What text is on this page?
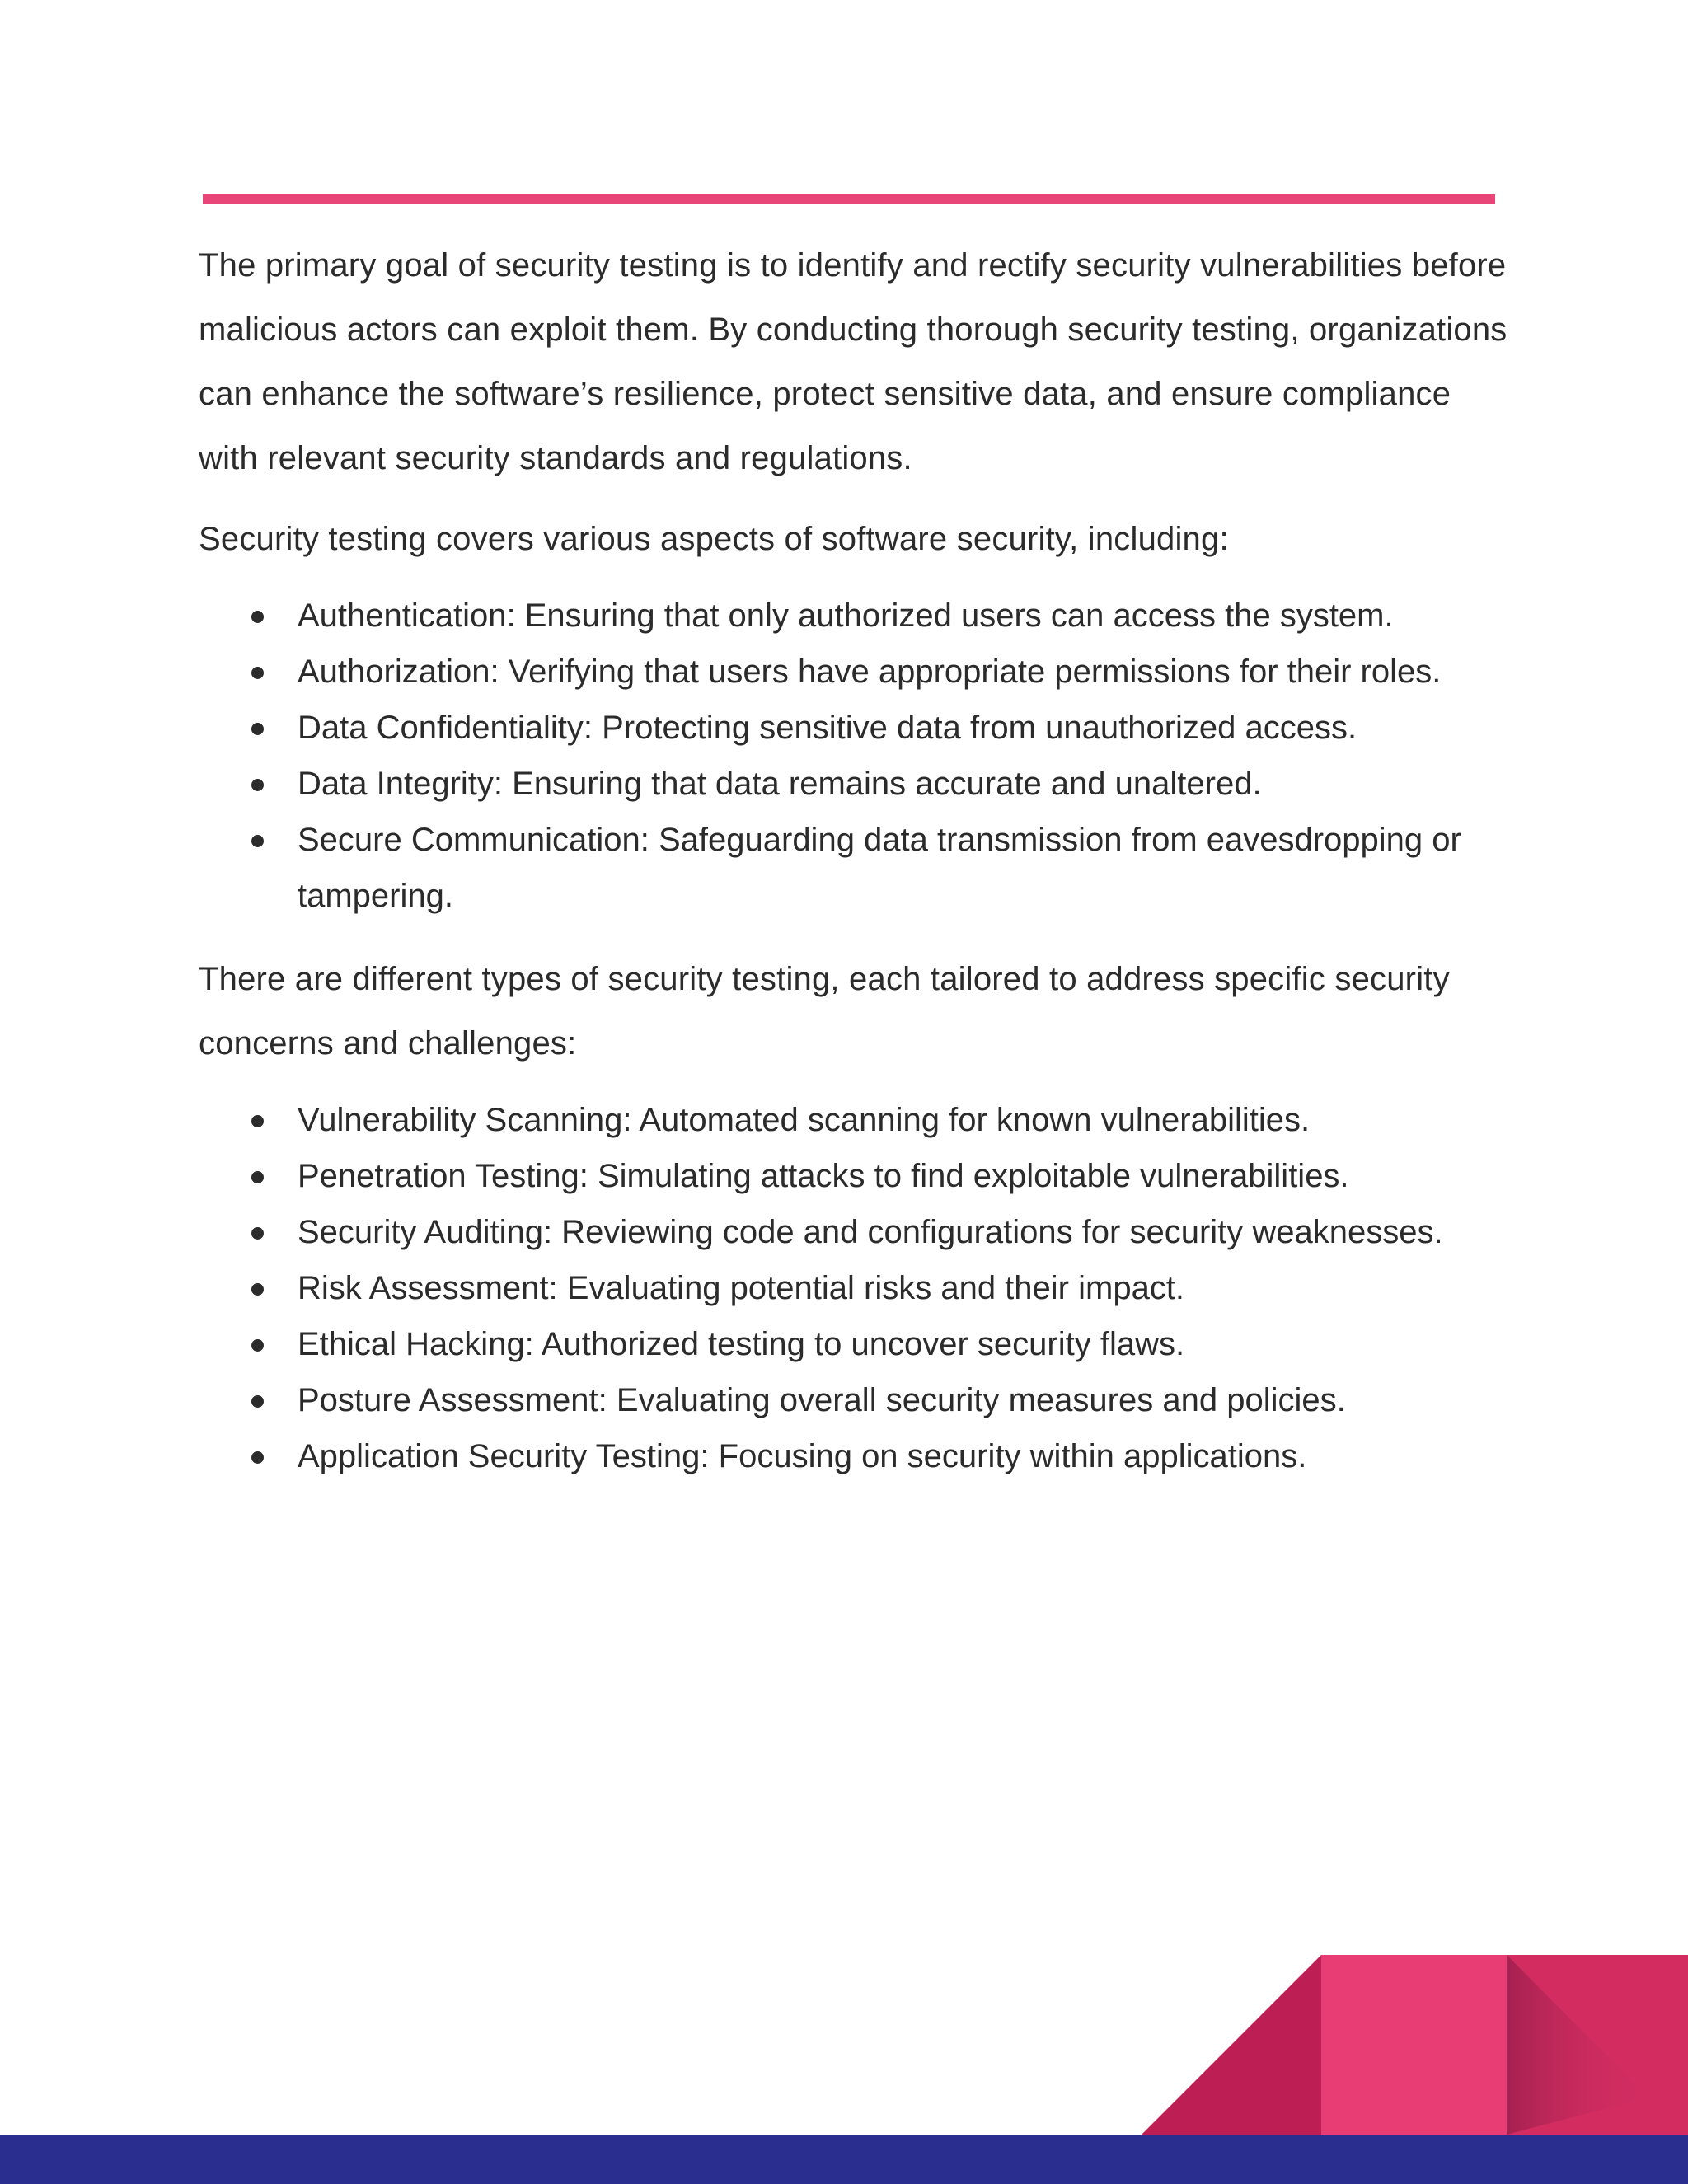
The primary goal of security testing is to identify and rectify security vulnerabilities before malicious actors can exploit them. By conducting thorough security testing, organizations can enhance the software’s resilience, protect sensitive data, and ensure compliance with relevant security standards and regulations.

Security testing covers various aspects of software security, including:

Authentication: Ensuring that only authorized users can access the system.
Authorization: Verifying that users have appropriate permissions for their roles.
Data Confidentiality: Protecting sensitive data from unauthorized access.
Data Integrity: Ensuring that data remains accurate and unaltered.
Secure Communication: Safeguarding data transmission from eavesdropping or tampering.

There are different types of security testing, each tailored to address specific security concerns and challenges:

Vulnerability Scanning: Automated scanning for known vulnerabilities.
Penetration Testing: Simulating attacks to find exploitable vulnerabilities.
Security Auditing: Reviewing code and configurations for security weaknesses.
Risk Assessment: Evaluating potential risks and their impact.
Ethical Hacking: Authorized testing to uncover security flaws.
Posture Assessment: Evaluating overall security measures and policies.
Application Security Testing: Focusing on security within applications.
